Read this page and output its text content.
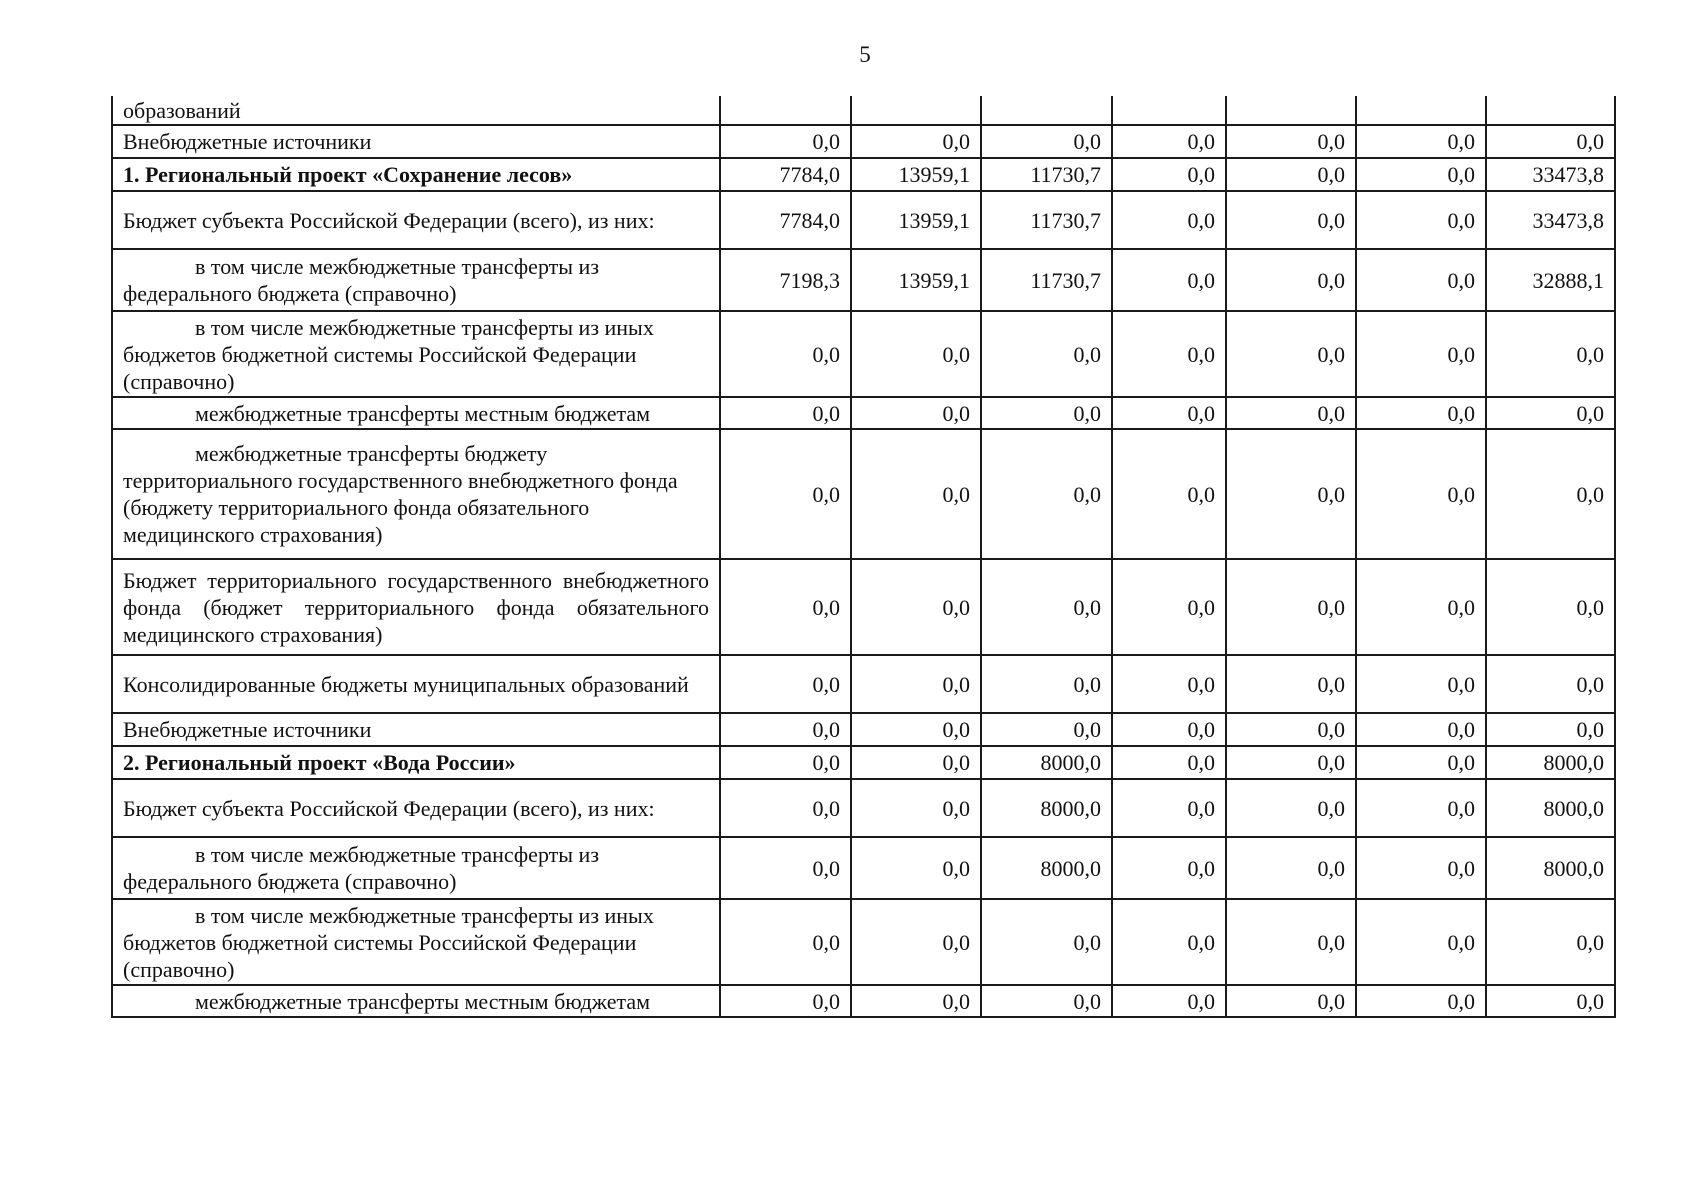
5
образований							
Внебюджетные источники	0,0	0,0	0,0	0,0	0,0	0,0	0,0
1. Региональный проект «Сохранение лесов»	7784,0	13959,1	11730,7	0,0	0,0	0,0	33473,8
Бюджет субъекта Российской Федерации (всего), из них:	7784,0	13959,1	11730,7	0,0	0,0	0,0	33473,8
в том числе межбюджетные трансферты из федерального бюджета (справочно)	7198,3	13959,1	11730,7	0,0	0,0	0,0	32888,1
в том числе межбюджетные трансферты из иных бюджетов бюджетной системы Российской Федерации (справочно)	0,0	0,0	0,0	0,0	0,0	0,0	0,0
межбюджетные трансферты местным бюджетам	0,0	0,0	0,0	0,0	0,0	0,0	0,0
межбюджетные трансферты бюджету территориального государственного внебюджетного фонда (бюджету территориального фонда обязательного медицинского страхования)	0,0	0,0	0,0	0,0	0,0	0,0	0,0
Бюджет территориального государственного внебюджетного фонда (бюджет территориального фонда обязательного медицинского страхования)	0,0	0,0	0,0	0,0	0,0	0,0	0,0
Консолидированные бюджеты муниципальных образований	0,0	0,0	0,0	0,0	0,0	0,0	0,0
Внебюджетные источники	0,0	0,0	0,0	0,0	0,0	0,0	0,0
2. Региональный проект «Вода России»	0,0	0,0	8000,0	0,0	0,0	0,0	8000,0
Бюджет субъекта Российской Федерации (всего), из них:	0,0	0,0	8000,0	0,0	0,0	0,0	8000,0
в том числе межбюджетные трансферты из федерального бюджета (справочно)	0,0	0,0	8000,0	0,0	0,0	0,0	8000,0
в том числе межбюджетные трансферты из иных бюджетов бюджетной системы Российской Федерации (справочно)	0,0	0,0	0,0	0,0	0,0	0,0	0,0
межбюджетные трансферты местным бюджетам	0,0	0,0	0,0	0,0	0,0	0,0	0,0
